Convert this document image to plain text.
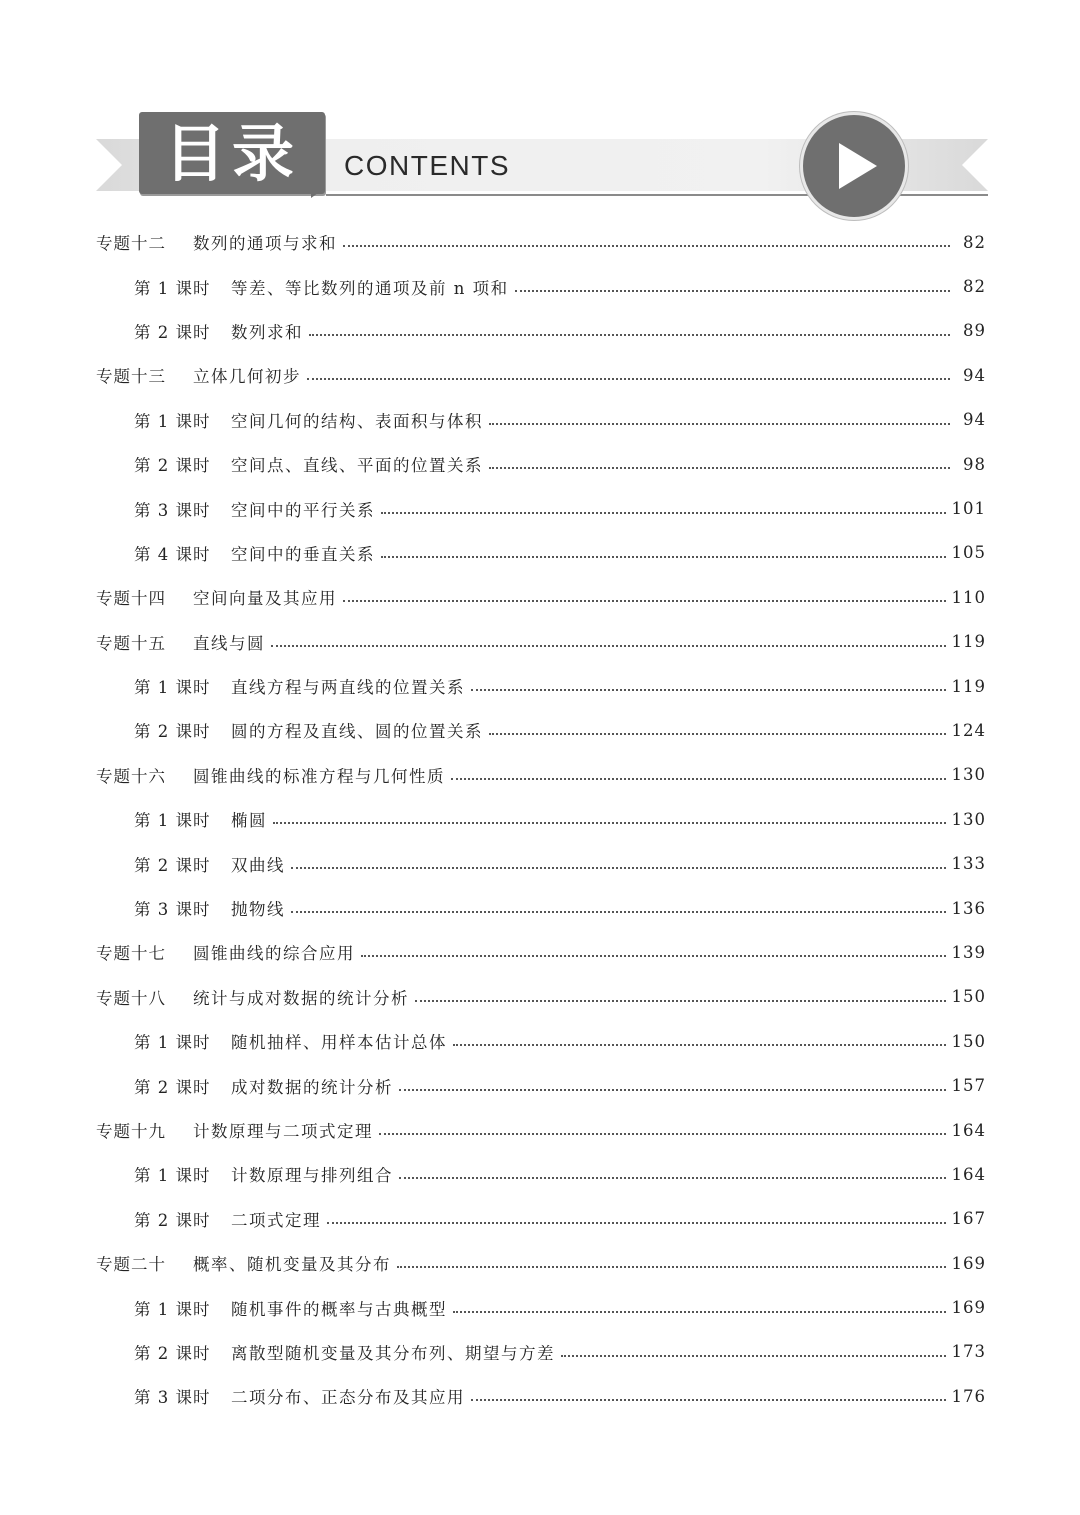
目录	CONTENTS
专题十二	数列的通项与求和	82
第 1 课时	等差、等比数列的通项及前 n 项和	82
第 2 课时	数列求和	89
专题十三	立体几何初步	94
第 1 课时	空间几何的结构、表面积与体积	94
第 2 课时	空间点、直线、平面的位置关系	98
第 3 课时	空间中的平行关系	101
第 4 课时	空间中的垂直关系	105
专题十四	空间向量及其应用	110
专题十五	直线与圆	119
第 1 课时	直线方程与两直线的位置关系	119
第 2 课时	圆的方程及直线、圆的位置关系	124
专题十六	圆锥曲线的标准方程与几何性质	130
第 1 课时	椭圆	130
第 2 课时	双曲线	133
第 3 课时	抛物线	136
专题十七	圆锥曲线的综合应用	139
专题十八	统计与成对数据的统计分析	150
第 1 课时	随机抽样、用样本估计总体	150
第 2 课时	成对数据的统计分析	157
专题十九	计数原理与二项式定理	164
第 1 课时	计数原理与排列组合	164
第 2 课时	二项式定理	167
专题二十	概率、随机变量及其分布	169
第 1 课时	随机事件的概率与古典概型	169
第 2 课时	离散型随机变量及其分布列、期望与方差	173
第 3 课时	二项分布、正态分布及其应用	176
